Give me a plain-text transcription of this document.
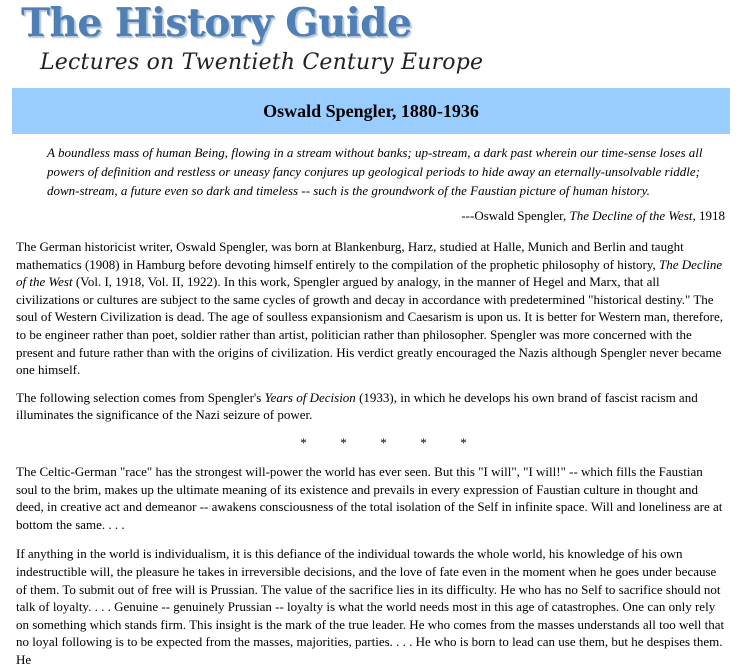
The History Guide
Lectures on Twentieth Century Europe
Oswald Spengler, 1880-1936

A boundless mass of human Being, flowing in a stream without banks; up-stream, a dark past wherein our time-sense loses all powers of definition and restless or uneasy fancy conjures up geological periods to hide away an eternally-unsolvable riddle; down-stream, a future even so dark and timeless -- such is the groundwork of the Faustian picture of human history.

---Oswald Spengler, The Decline of the West, 1918

The German historicist writer, Oswald Spengler, was born at Blankenburg, Harz, studied at Halle, Munich and Berlin and taught mathematics (1908) in Hamburg before devoting himself entirely to the compilation of the prophetic philosophy of history, The Decline of the West (Vol. I, 1918, Vol. II, 1922). In this work, Spengler argued by analogy, in the manner of Hegel and Marx, that all civilizations or cultures are subject to the same cycles of growth and decay in accordance with predetermined "historical destiny." The soul of Western Civilization is dead. The age of soulless expansionism and Caesarism is upon us. It is better for Western man, therefore, to be engineer rather than poet, soldier rather than artist, politician rather than philosopher. Spengler was more concerned with the present and future rather than with the origins of civilization. His verdict greatly encouraged the Nazis although Spengler never became one himself.

The following selection comes from Spengler's Years of Decision (1933), in which he develops his own brand of fascist racism and illuminates the significance of the Nazi seizure of power.

*	*	*	*	*

The Celtic-German "race" has the strongest will-power the world has ever seen. But this "I will", "I will!" -- which fills the Faustian soul to the brim, makes up the ultimate meaning of its existence and prevails in every expression of Faustian culture in thought and deed, in creative act and demeanor -- awakens consciousness of the total isolation of the Self in infinite space. Will and loneliness are at bottom the same. . . .

If anything in the world is individualism, it is this defiance of the individual towards the whole world, his knowledge of his own indestructible will, the pleasure he takes in irreversible decisions, and the love of fate even in the moment when he goes under because of them. To submit out of free will is Prussian. The value of the sacrifice lies in its difficulty. He who has no Self to sacrifice should not talk of loyalty. . . . Genuine -- genuinely Prussian -- loyalty is what the world needs most in this age of catastrophes. One can only rely on something which stands firm. This insight is the mark of the true leader. He who comes from the masses understands all too well that no loyal following is to be expected from the masses, majorities, parties. . . . He who is born to lead can use them, but he despises them. He
